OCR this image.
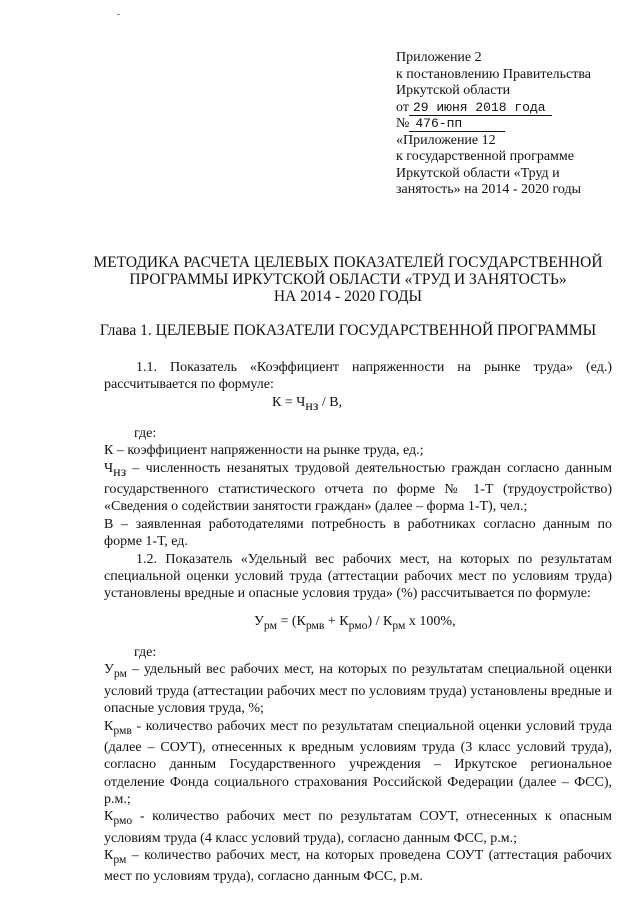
Приложение 2
к постановлению Правительства
Иркутской области
от 29 июня 2018 года
№ 476-пп
«Приложение 12
к государственной программе
Иркутской области «Труд и
занятость» на 2014 - 2020 годы
МЕТОДИКА РАСЧЕТА ЦЕЛЕВЫХ ПОКАЗАТЕЛЕЙ ГОСУДАРСТВЕННОЙ
ПРОГРАММЫ ИРКУТСКОЙ ОБЛАСТИ «ТРУД И ЗАНЯТОСТЬ»
НА 2014 - 2020 ГОДЫ
Глава 1. ЦЕЛЕВЫЕ ПОКАЗАТЕЛИ ГОСУДАРСТВЕННОЙ ПРОГРАММЫ

1.1. Показатель «Коэффициент напряженности на рынке труда» (ед.) рассчитывается по формуле:

$К = Ч_{нз} / В$,

где:

К – коэффициент напряженности на рынке труда, ед.;

$Ч_{нз}$ – численность незанятых трудовой деятельностью граждан согласно данным государственного статистического отчета по форме № 1-Т (трудоустройство) «Сведения о содействии занятости граждан» (далее – форма 1-Т), чел.;

В – заявленная работодателями потребность в работниках согласно данным по форме 1-Т, ед.

1.2. Показатель «Удельный вес рабочих мест, на которых по результатам специальной оценки условий труда (аттестации рабочих мест по условиям труда) установлены вредные и опасные условия труда» (%) рассчитывается по формуле:

$У_{рм} = (К_{рмв} + К_{рмо}) / К_{рм}$ х 100%,

где:

$У_{рм}$ – удельный вес рабочих мест, на которых по результатам специальной оценки условий труда (аттестации рабочих мест по условиям труда) установлены вредные и опасные условия труда, %;

$К_{рмв}$ - количество рабочих мест по результатам специальной оценки условий труда (далее – СОУТ), отнесенных к вредным условиям труда (3 класс условий труда), согласно данным Государственного учреждения – Иркутское региональное отделение Фонда социального страхования Российской Федерации (далее – ФСС), р.м.;

$К_{рмо}$ - количество рабочих мест по результатам СОУТ, отнесенных к опасным условиям труда (4 класс условий труда), согласно данным ФСС, р.м.;

$К_{рм}$ – количество рабочих мест, на которых проведена СОУТ (аттестация рабочих мест по условиям труда), согласно данным ФСС, р.м.
